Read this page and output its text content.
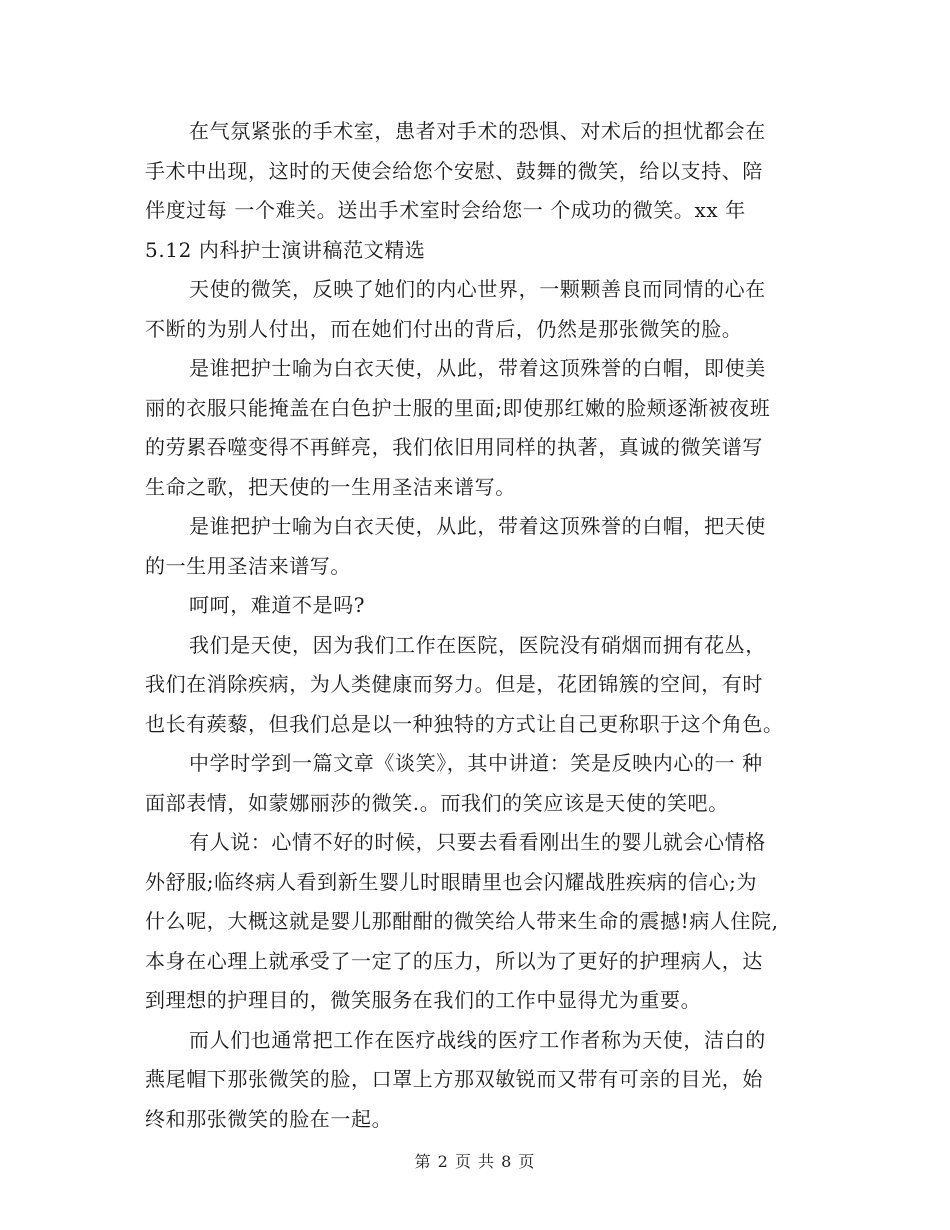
在气氛紧张的手术室，患者对手术的恐惧、对术后的担忧都会在
手术中出现，这时的天使会给您个安慰、鼓舞的微笑，给以支持、陪
伴度过每 一个难关。送出手术室时会给您一 个成功的微笑。xx 年
5.12 内科护士演讲稿范文精选
天使的微笑，反映了她们的内心世界，一颗颗善良而同情的心在
不断的为别人付出，而在她们付出的背后，仍然是那张微笑的脸。
是谁把护士喻为白衣天使，从此，带着这顶殊誉的白帽，即使美
丽的衣服只能掩盖在白色护士服的里面;即使那红嫩的脸颊逐渐被夜班
的劳累吞噬变得不再鲜亮，我们依旧用同样的执著，真诚的微笑谱写
生命之歌，把天使的一生用圣洁来谱写。
是谁把护士喻为白衣天使，从此，带着这顶殊誉的白帽，把天使
的一生用圣洁来谱写。
呵呵，难道不是吗?
我们是天使，因为我们工作在医院，医院没有硝烟而拥有花丛，
我们在消除疾病，为人类健康而努力。但是，花团锦簇的空间，有时
也长有蒺藜，但我们总是以一种独特的方式让自己更称职于这个角色。
中学时学到一篇文章《谈笑》，其中讲道：笑是反映内心的一 种
面部表情，如蒙娜丽莎的微笑.。而我们的笑应该是天使的笑吧。
有人说：心情不好的时候，只要去看看刚出生的婴儿就会心情格
外舒服;临终病人看到新生婴儿时眼睛里也会闪耀战胜疾病的信心;为
什么呢，大概这就是婴儿那酣酣的微笑给人带来生命的震撼!病人住院,
本身在心理上就承受了一定了的压力，所以为了更好的护理病人，达
到理想的护理目的，微笑服务在我们的工作中显得尤为重要。
而人们也通常把工作在医疗战线的医疗工作者称为天使，洁白的
燕尾帽下那张微笑的脸，口罩上方那双敏锐而又带有可亲的目光，始
终和那张微笑的脸在一起。
第 2 页 共 8 页
